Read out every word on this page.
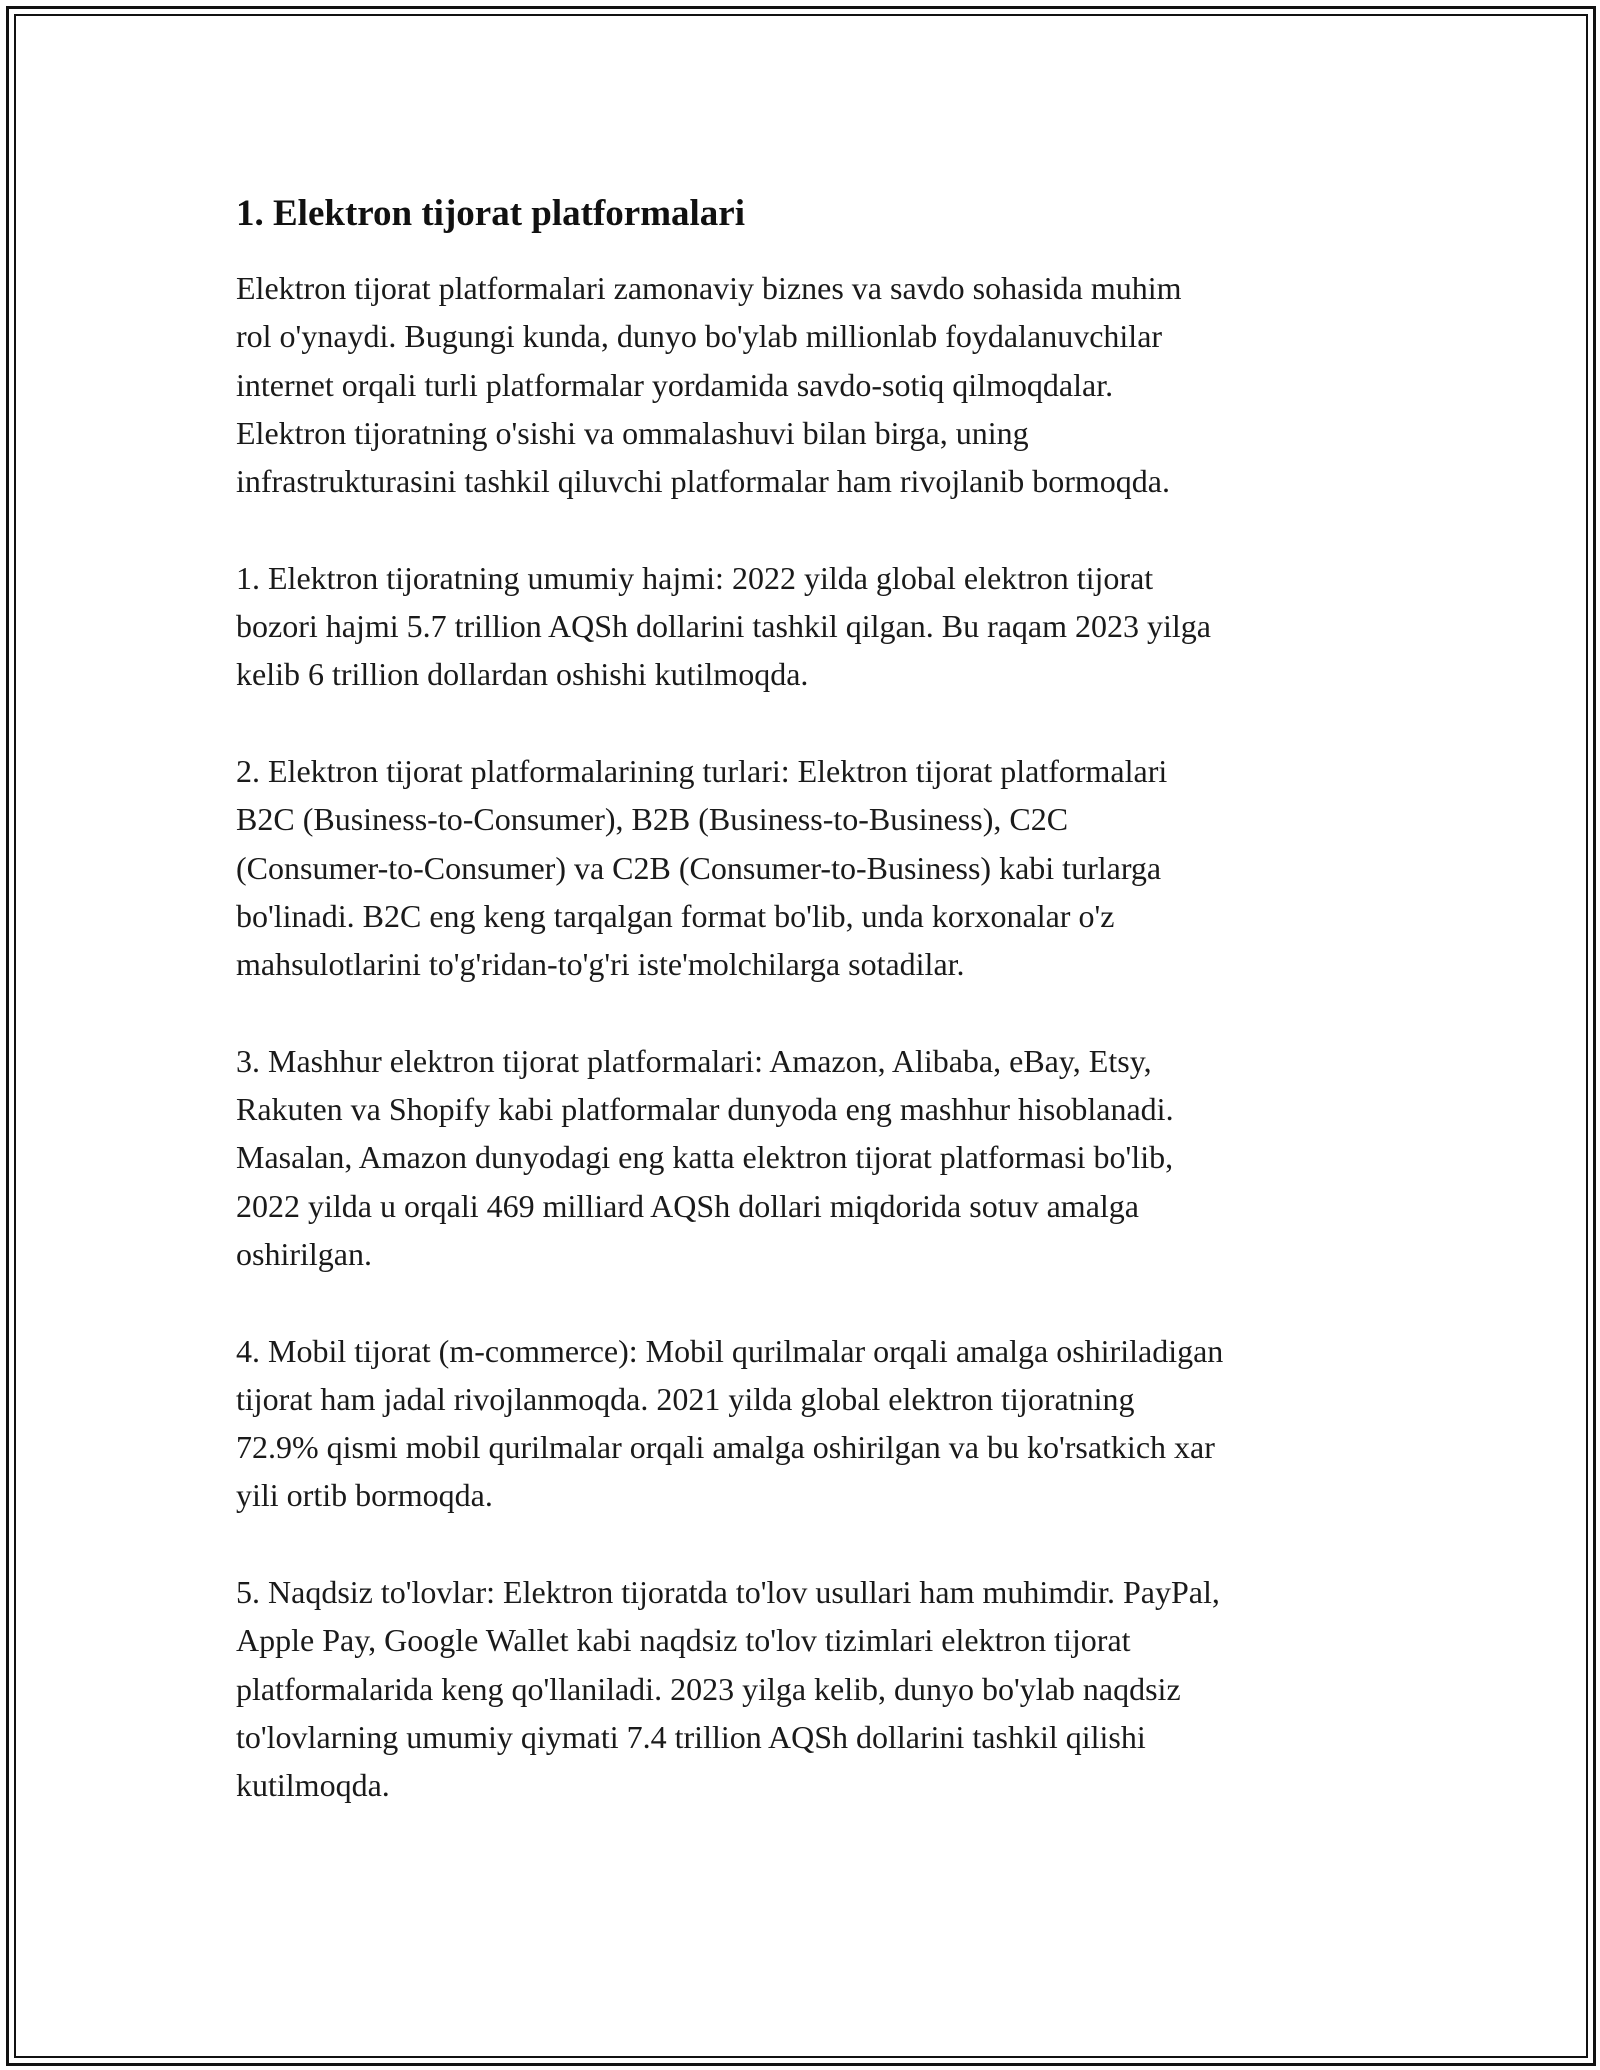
1. Elektron tijorat platformalari

Elektron tijorat platformalari zamonaviy biznes va savdo sohasida muhim
rol o'ynaydi. Bugungi kunda, dunyo bo'ylab millionlab foydalanuvchilar
internet orqali turli platformalar yordamida savdo-sotiq qilmoqdalar.
Elektron tijoratning o'sishi va ommalashuvi bilan birga, uning
infrastrukturasini tashkil qiluvchi platformalar ham rivojlanib bormoqda.

1. Elektron tijoratning umumiy hajmi: 2022 yilda global elektron tijorat
bozori hajmi 5.7 trillion AQSh dollarini tashkil qilgan. Bu raqam 2023 yilga
kelib 6 trillion dollardan oshishi kutilmoqda.

2. Elektron tijorat platformalarining turlari: Elektron tijorat platformalari
B2C (Business-to-Consumer), B2B (Business-to-Business), C2C
(Consumer-to-Consumer) va C2B (Consumer-to-Business) kabi turlarga
bo'linadi. B2C eng keng tarqalgan format bo'lib, unda korxonalar o'z
mahsulotlarini to'g'ridan-to'g'ri iste'molchilarga sotadilar.

3. Mashhur elektron tijorat platformalari: Amazon, Alibaba, eBay, Etsy,
Rakuten va Shopify kabi platformalar dunyoda eng mashhur hisoblanadi.
Masalan, Amazon dunyodagi eng katta elektron tijorat platformasi bo'lib,
2022 yilda u orqali 469 milliard AQSh dollari miqdorida sotuv amalga
oshirilgan.

4. Mobil tijorat (m-commerce): Mobil qurilmalar orqali amalga oshiriladigan
tijorat ham jadal rivojlanmoqda. 2021 yilda global elektron tijoratning
72.9% qismi mobil qurilmalar orqali amalga oshirilgan va bu ko'rsatkich xar
yili ortib bormoqda.

5. Naqdsiz to'lovlar: Elektron tijoratda to'lov usullari ham muhimdir. PayPal,
Apple Pay, Google Wallet kabi naqdsiz to'lov tizimlari elektron tijorat
platformalarida keng qo'llaniladi. 2023 yilga kelib, dunyo bo'ylab naqdsiz
to'lovlarning umumiy qiymati 7.4 trillion AQSh dollarini tashkil qilishi
kutilmoqda.
